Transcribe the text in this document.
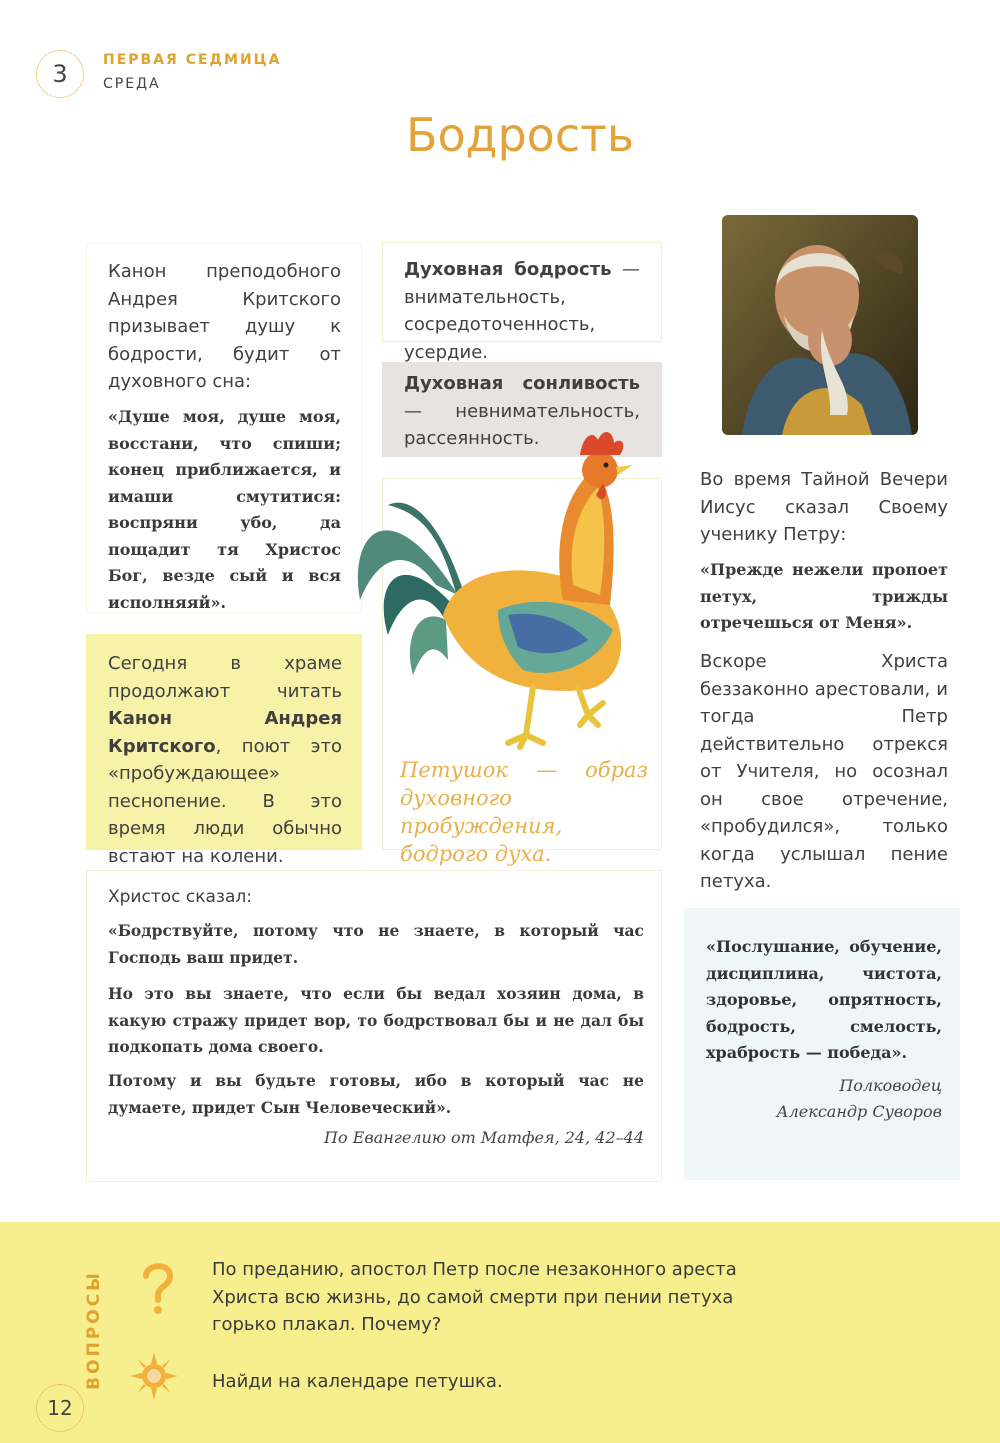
3	ПЕРВАЯ СЕДМИЦА
СРЕДА
Бодрость
Канон преподобного Андрея Критского призывает душу к бодрости, будит от духовного сна:
«Душе моя, душе моя, восстани, что спиши; конец приближается, и имаши смутитися: воспряни убо, да пощадит тя Христос Бог, везде сый и вся исполняяй».
Духовная бодрость — внимательность, сосредоточенность, усердие.
Духовная сонливость — невнимательность, рассеянность.
Петушок — образ духовного пробуждения, бодрого духа.
Сегодня в храме продолжают читать Канон Андрея Критского, поют это «пробуждающее» песнопение. В это время люди обычно встают на колени.
Во время Тайной Вечери Иисус сказал Своему ученику Петру:
«Прежде нежели пропоет петух, трижды отречешься от Меня».
Вскоре Христа беззаконно арестовали, и тогда Петр действительно отрекся от Учителя, но осознал он свое отречение, «пробудился», только когда услышал пение петуха.
Христос сказал:
«Бодрствуйте, потому что не знаете, в который час Господь ваш придет.
Но это вы знаете, что если бы ведал хозяин дома, в какую стражу придет вор, то бодрствовал бы и не дал бы подкопать дома своего.
Потому и вы будьте готовы, ибо в который час не думаете, придет Сын Человеческий».
По Евангелию от Матфея, 24, 42–44
«Послушание, обучение, дисциплина, чистота, здоровье, опрятность, бодрость, смелость, храбрость — победа».
Полководец
Александр Суворов
ВОПРОСЫ
По преданию, апостол Петр после незаконного ареста Христа всю жизнь, до самой смерти при пении петуха горько плакал. Почему?
Найди на календаре петушка.
12
